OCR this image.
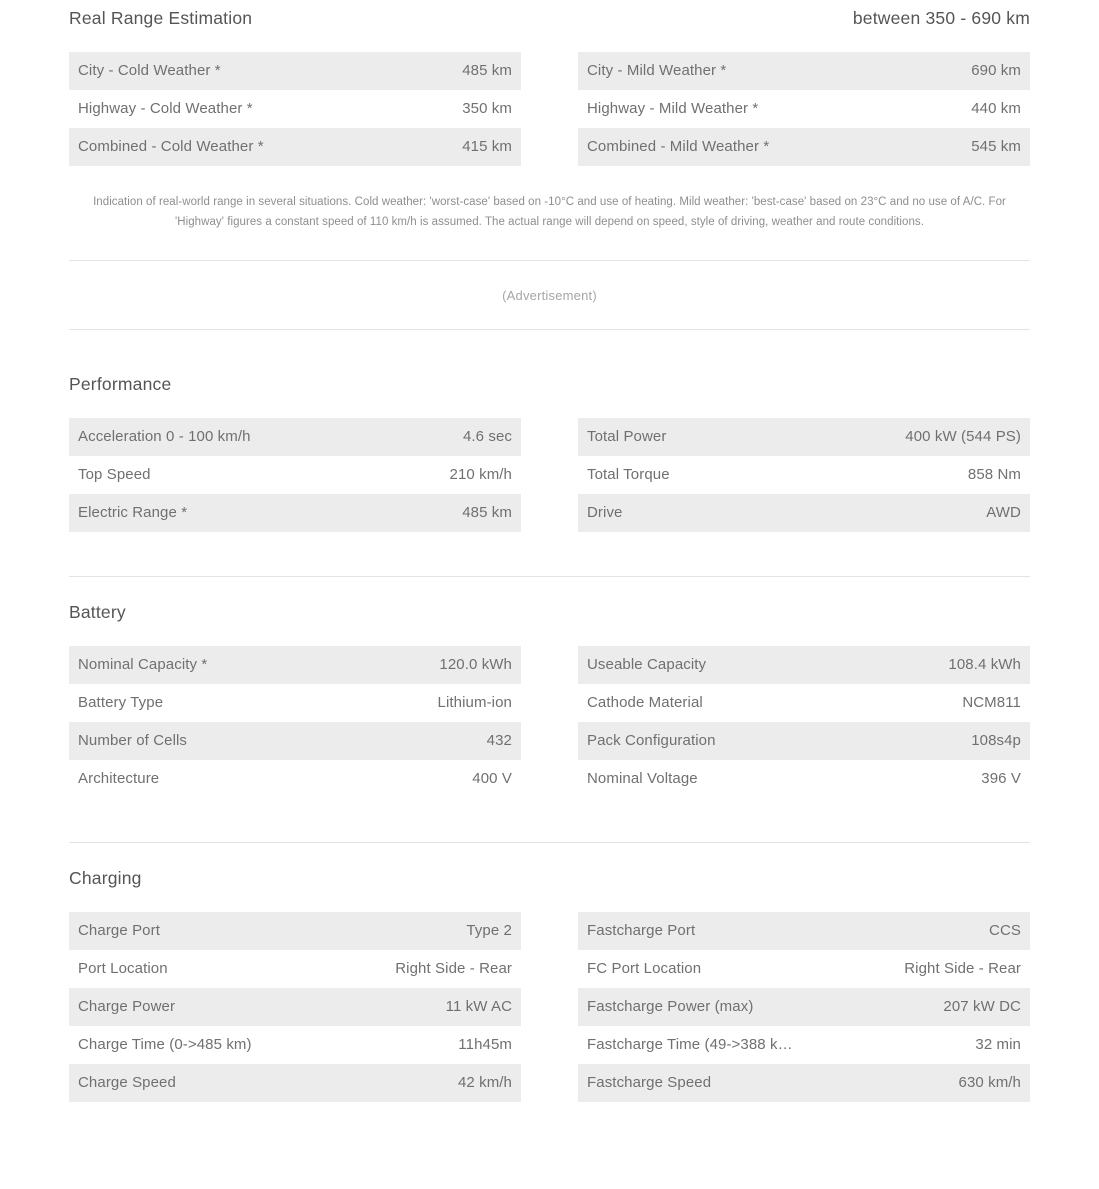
Real Range Estimation	between 350 - 690 km
City - Cold Weather *	485 km
Highway - Cold Weather *	350 km
Combined - Cold Weather *	415 km
City - Mild Weather *	690 km
Highway - Mild Weather *	440 km
Combined - Mild Weather *	545 km
Indication of real-world range in several situations. Cold weather: 'worst-case' based on -10°C and use of heating. Mild weather: 'best-case' based on 23°C and no use of A/C. For 'Highway' figures a constant speed of 110 km/h is assumed. The actual range will depend on speed, style of driving, weather and route conditions.
(Advertisement)
Performance
Acceleration 0 - 100 km/h	4.6 sec
Top Speed	210 km/h
Electric Range *	485 km
Total Power	400 kW (544 PS)
Total Torque	858 Nm
Drive	AWD
Battery
Nominal Capacity *	120.0 kWh
Battery Type	Lithium-ion
Number of Cells	432
Architecture	400 V
Useable Capacity	108.4 kWh
Cathode Material	NCM811
Pack Configuration	108s4p
Nominal Voltage	396 V
Charging
Charge Port	Type 2
Port Location	Right Side - Rear
Charge Power	11 kW AC
Charge Time (0->485 km)	11h45m
Charge Speed	42 km/h
Fastcharge Port	CCS
FC Port Location	Right Side - Rear
Fastcharge Power (max)	207 kW DC
Fastcharge Time (49->388 km)	32 min
Fastcharge Speed	630 km/h
